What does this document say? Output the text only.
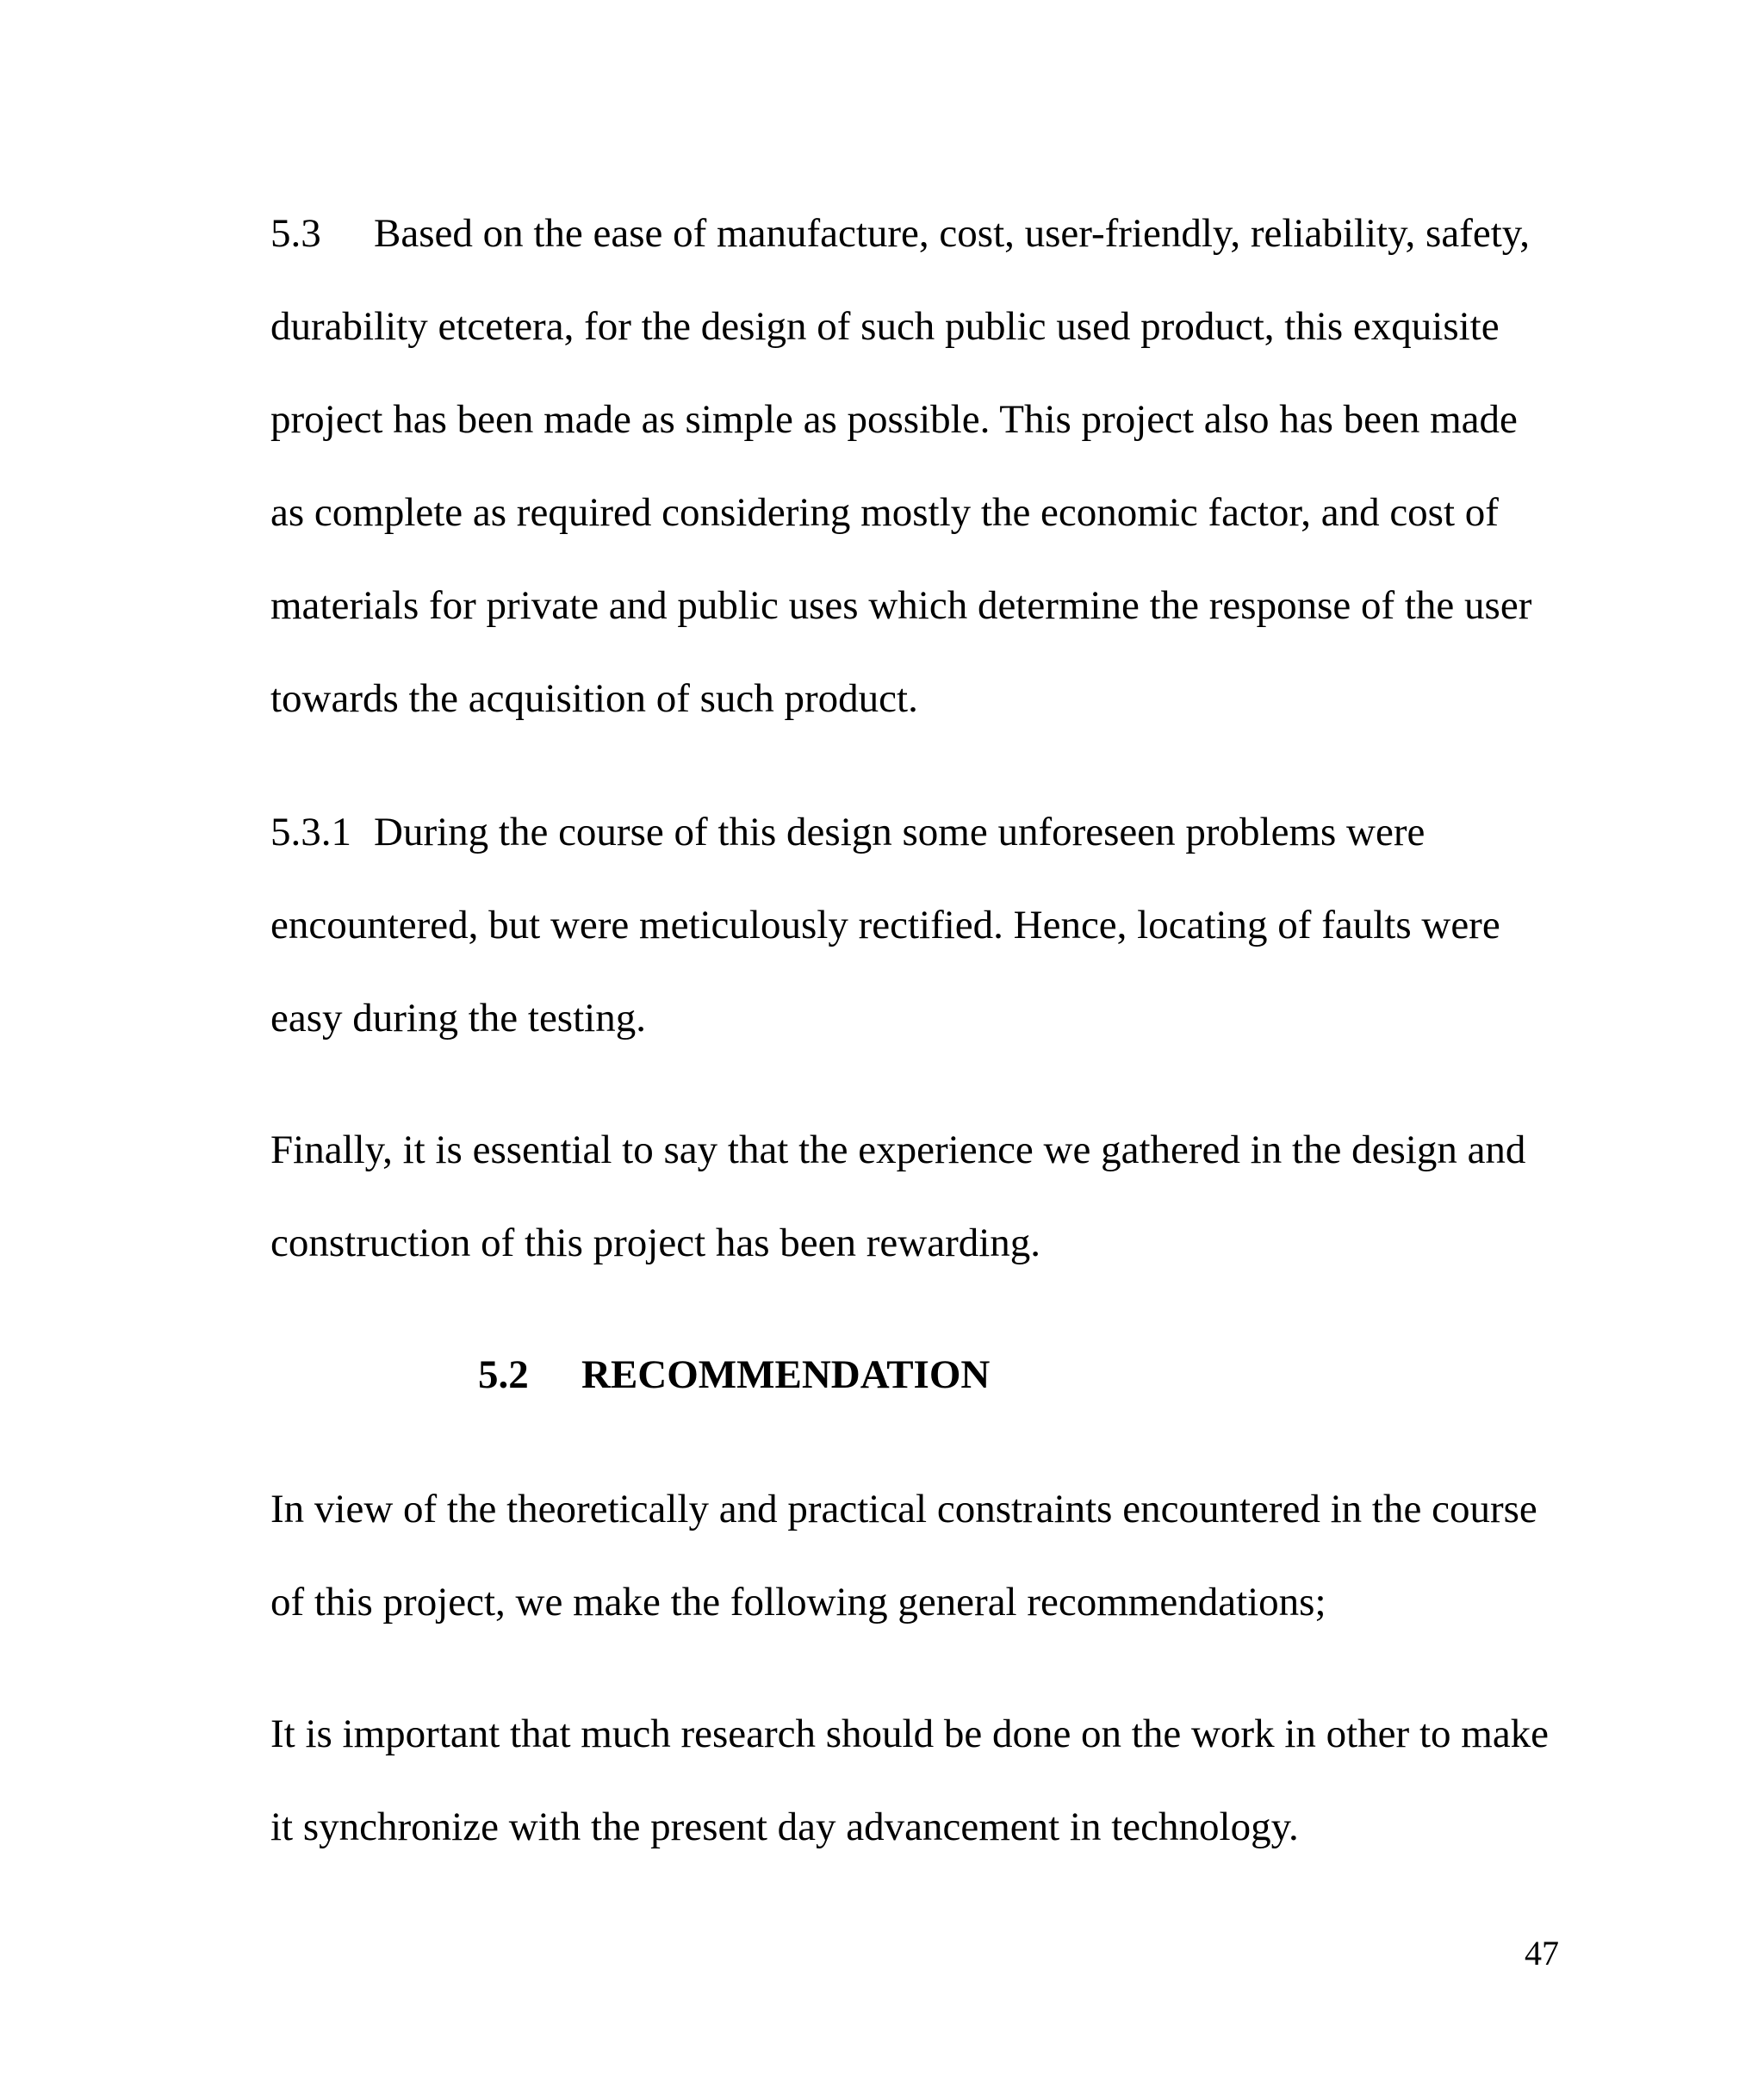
5.3 Based on the ease of manufacture, cost, user-friendly, reliability, safety,
durability etcetera, for the design of such public used product, this exquisite
project has been made as simple as possible. This project also has been made
as complete as required considering mostly the economic factor, and cost of
materials for private and public uses which determine the response of the user
towards the acquisition of such product.
5.3.1 During the course of this design some unforeseen problems were
encountered, but were meticulously rectified. Hence, locating of faults were
easy during the testing.
Finally, it is essential to say that the experience we gathered in the design and
construction of this project has been rewarding.
5.2 RECOMMENDATION
In view of the theoretically and practical constraints encountered in the course
of this project, we make the following general recommendations;
It is important that much research should be done on the work in other to make
it synchronize with the present day advancement in technology.
47
